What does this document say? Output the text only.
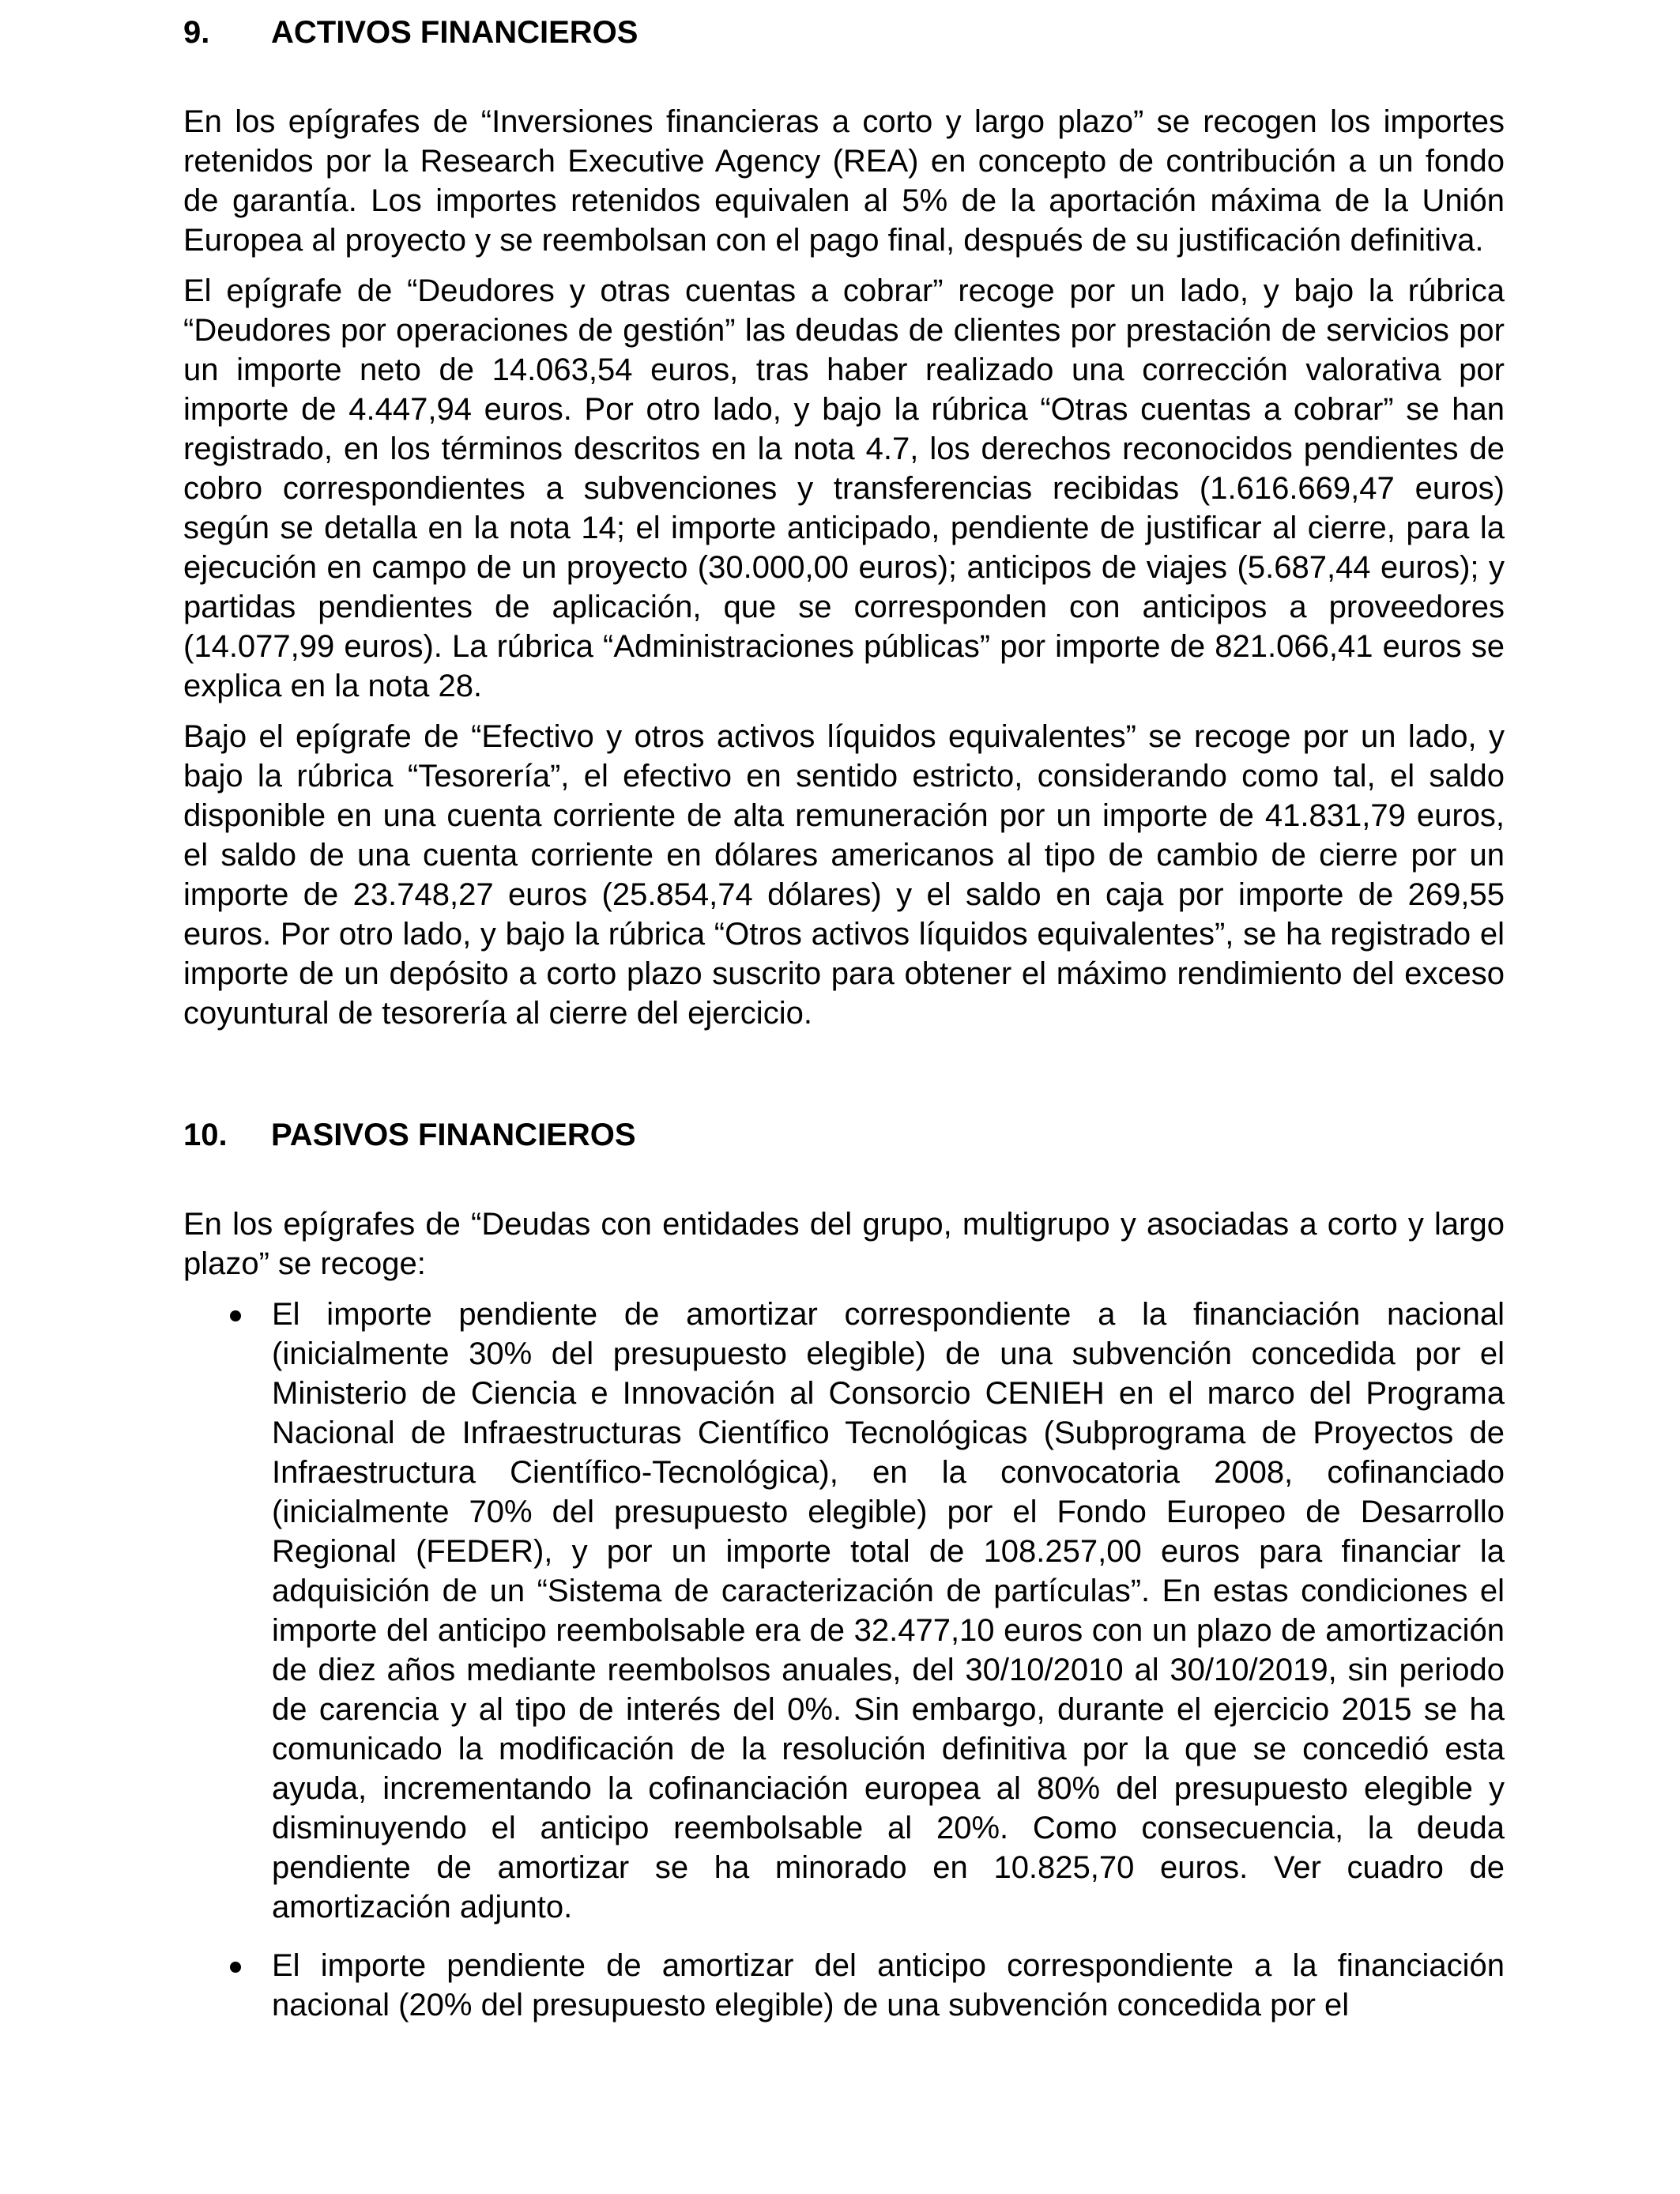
9.	ACTIVOS FINANCIEROS

En los epígrafes de “Inversiones financieras a corto y largo plazo” se recogen los importes retenidos por la Research Executive Agency (REA) en concepto de contribución a un fondo de garantía. Los importes retenidos equivalen al 5% de la aportación máxima de la Unión Europea al proyecto y se reembolsan con el pago final, después de su justificación definitiva.

El epígrafe de “Deudores y otras cuentas a cobrar” recoge por un lado, y bajo la rúbrica “Deudores por operaciones de gestión” las deudas de clientes por prestación de servicios por un importe neto de 14.063,54 euros, tras haber realizado una corrección valorativa por importe de 4.447,94 euros. Por otro lado, y bajo la rúbrica “Otras cuentas a cobrar” se han registrado, en los términos descritos en la nota 4.7, los derechos reconocidos pendientes de cobro correspondientes a subvenciones y transferencias recibidas (1.616.669,47 euros) según se detalla en la nota 14; el importe anticipado, pendiente de justificar al cierre, para la ejecución en campo de un proyecto (30.000,00 euros); anticipos de viajes (5.687,44 euros); y partidas pendientes de aplicación, que se corresponden con anticipos a proveedores (14.077,99 euros). La rúbrica “Administraciones públicas” por importe de 821.066,41 euros se explica en la nota 28.

Bajo el epígrafe de “Efectivo y otros activos líquidos equivalentes” se recoge por un lado, y bajo la rúbrica “Tesorería”, el efectivo en sentido estricto, considerando como tal, el saldo disponible en una cuenta corriente de alta remuneración por un importe de 41.831,79 euros, el saldo de una cuenta corriente en dólares americanos al tipo de cambio de cierre por un importe de 23.748,27 euros (25.854,74 dólares) y el saldo en caja por importe de 269,55 euros. Por otro lado, y bajo la rúbrica “Otros activos líquidos equivalentes”, se ha registrado el importe de un depósito a corto plazo suscrito para obtener el máximo rendimiento del exceso coyuntural de tesorería al cierre del ejercicio.

10.	PASIVOS FINANCIEROS

En los epígrafes de “Deudas con entidades del grupo, multigrupo y asociadas a corto y largo plazo” se recoge:

El importe pendiente de amortizar correspondiente a la financiación nacional (inicialmente 30% del presupuesto elegible) de una subvención concedida por el Ministerio de Ciencia e Innovación al Consorcio CENIEH en el marco del Programa Nacional de Infraestructuras Científico Tecnológicas (Subprograma de Proyectos de Infraestructura Científico-Tecnológica), en la convocatoria 2008, cofinanciado (inicialmente 70% del presupuesto elegible) por el Fondo Europeo de Desarrollo Regional (FEDER), y por un importe total de 108.257,00 euros para financiar la adquisición de un “Sistema de caracterización de partículas”. En estas condiciones el importe del anticipo reembolsable era de 32.477,10 euros con un plazo de amortización de diez años mediante reembolsos anuales, del 30/10/2010 al 30/10/2019, sin periodo de carencia y al tipo de interés del 0%. Sin embargo, durante el ejercicio 2015 se ha comunicado la modificación de la resolución definitiva por la que se concedió esta ayuda, incrementando la cofinanciación europea al 80% del presupuesto elegible y disminuyendo el anticipo reembolsable al 20%. Como consecuencia, la deuda pendiente de amortizar se ha minorado en 10.825,70 euros. Ver cuadro de amortización adjunto.

El importe pendiente de amortizar del anticipo correspondiente a la financiación nacional (20% del presupuesto elegible) de una subvención concedida por el
